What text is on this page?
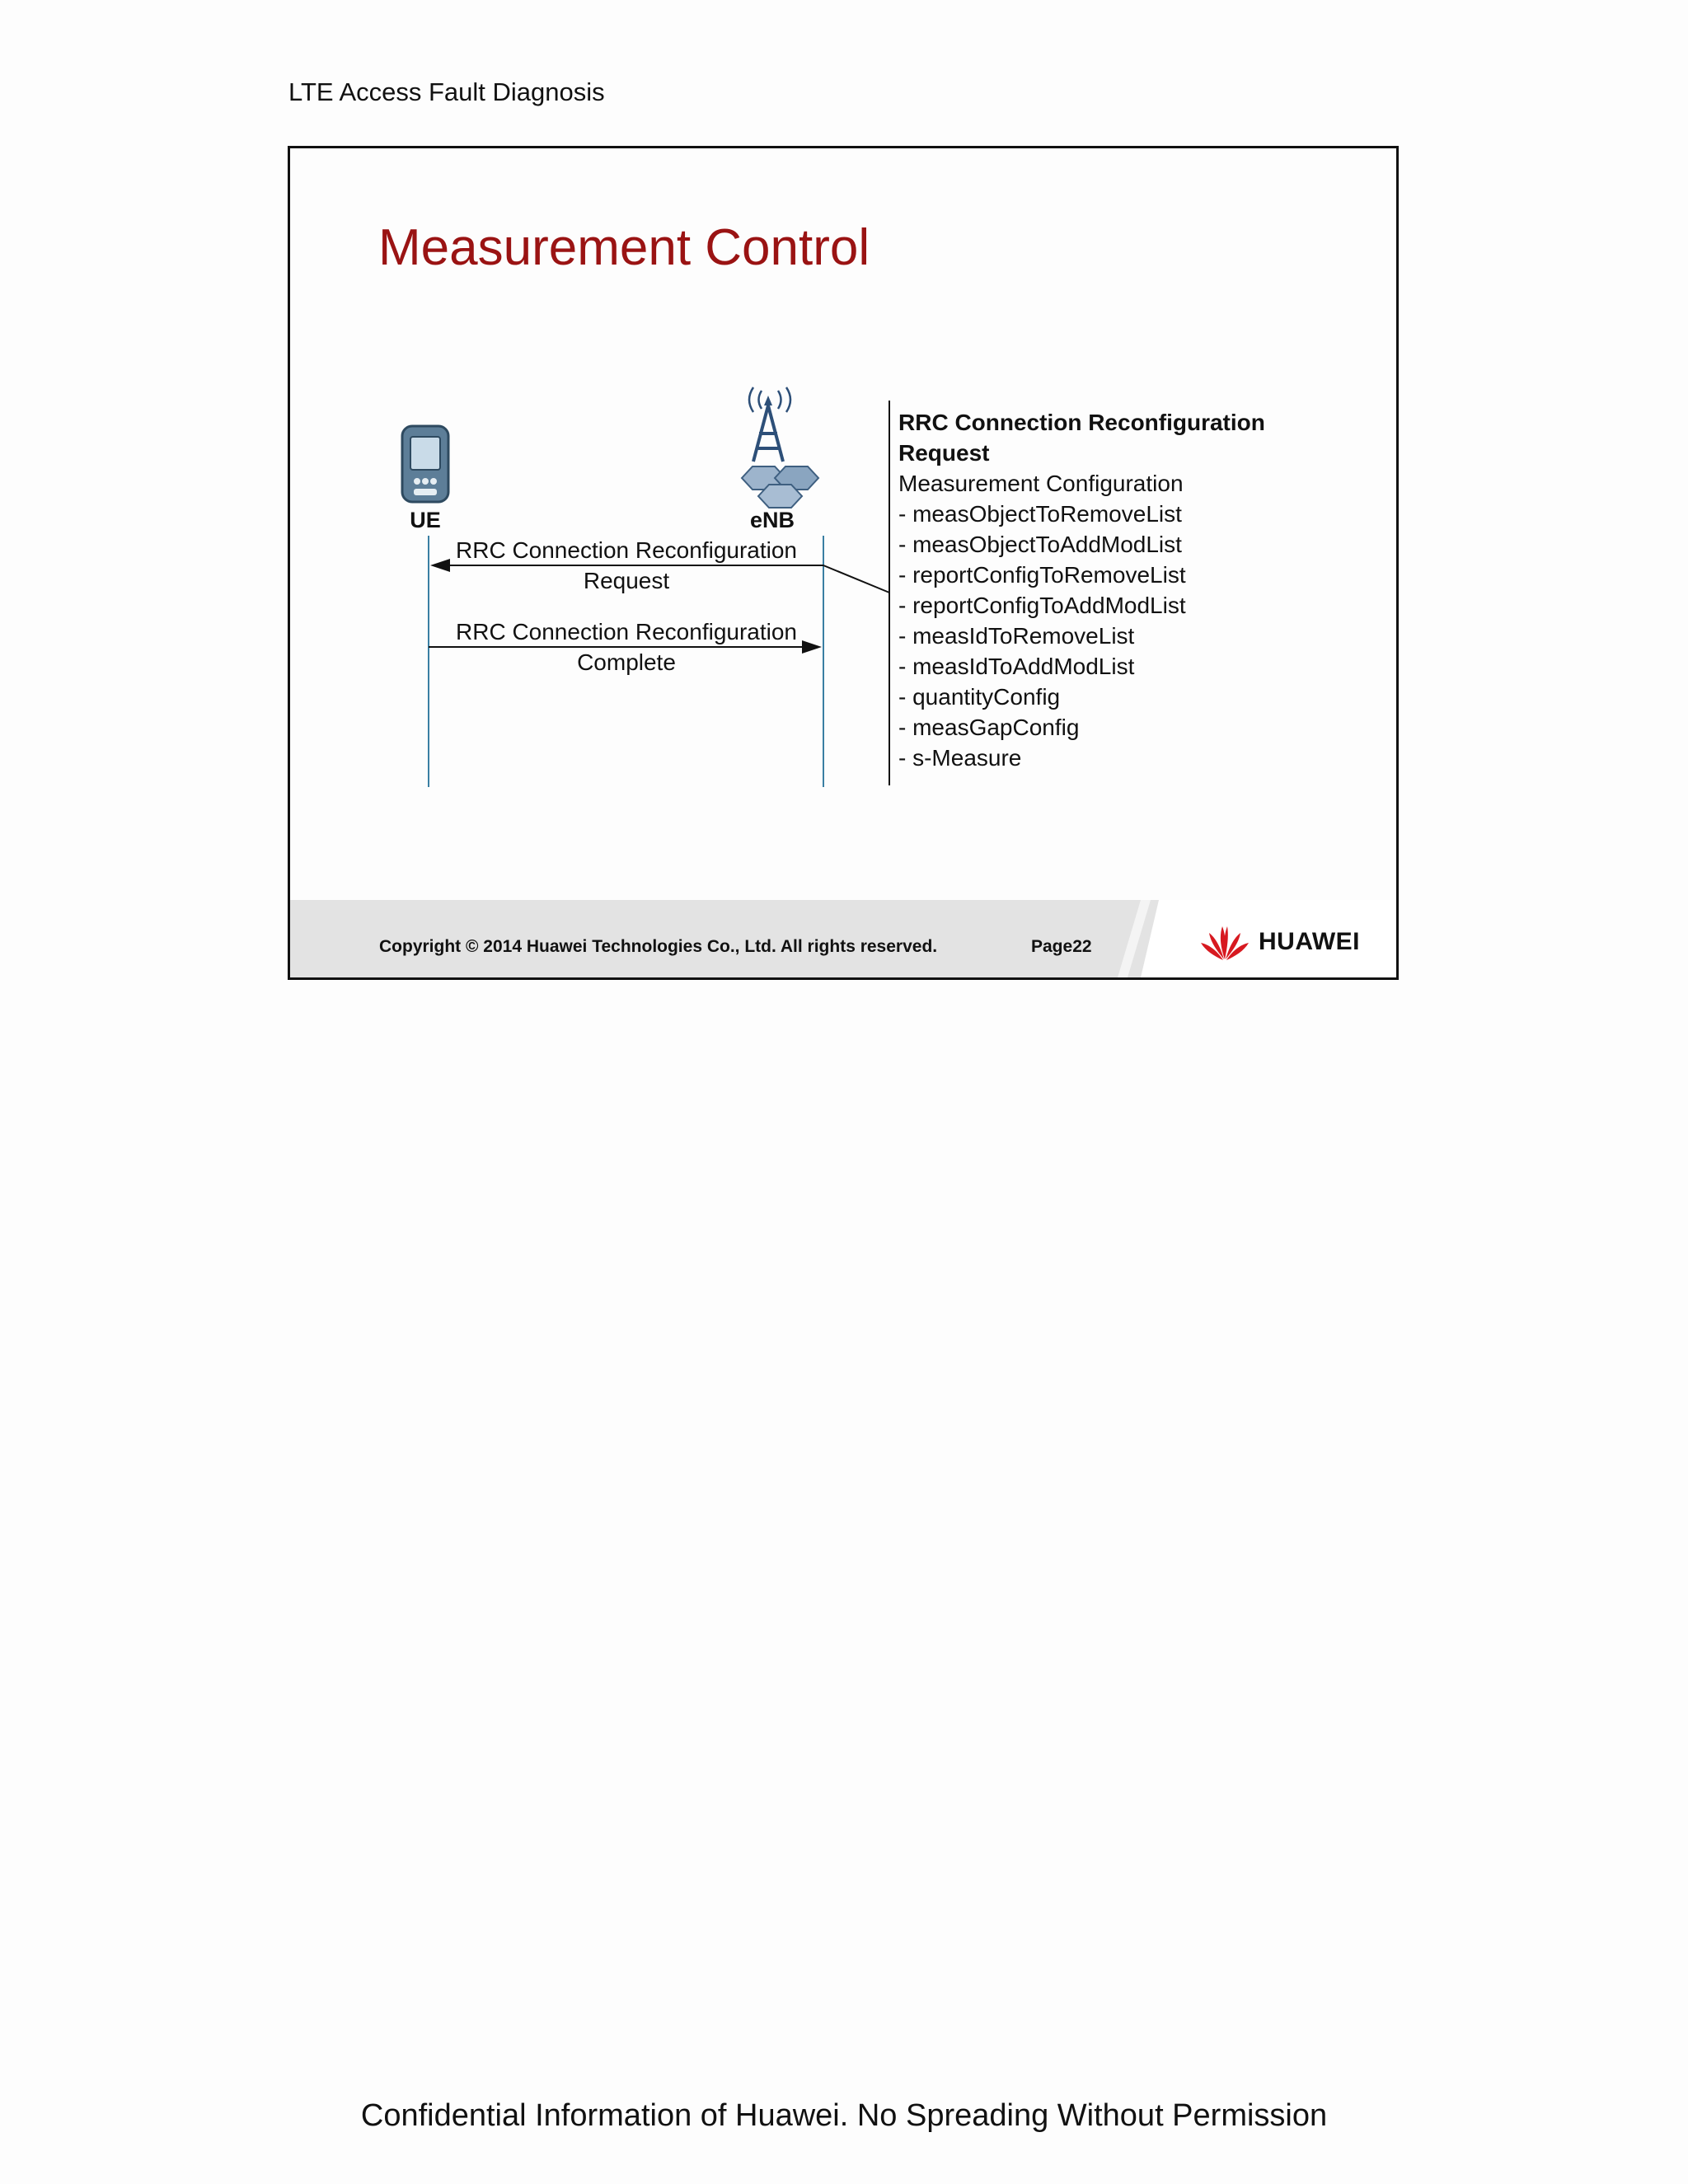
LTE Access Fault Diagnosis
Measurement Control
UE	eNB
RRC Connection Reconfiguration
Request
RRC Connection Reconfiguration
Complete
RRC Connection Reconfiguration
Request
Measurement Configuration
- measObjectToRemoveList
- measObjectToAddModList
- reportConfigToRemoveList
- reportConfigToAddModList
- measIdToRemoveList
- measIdToAddModList
- quantityConfig
- measGapConfig
- s-Measure
Copyright © 2014 Huawei Technologies Co., Ltd. All rights reserved.	Page22	HUAWEI
Confidential Information of Huawei. No Spreading Without Permission
